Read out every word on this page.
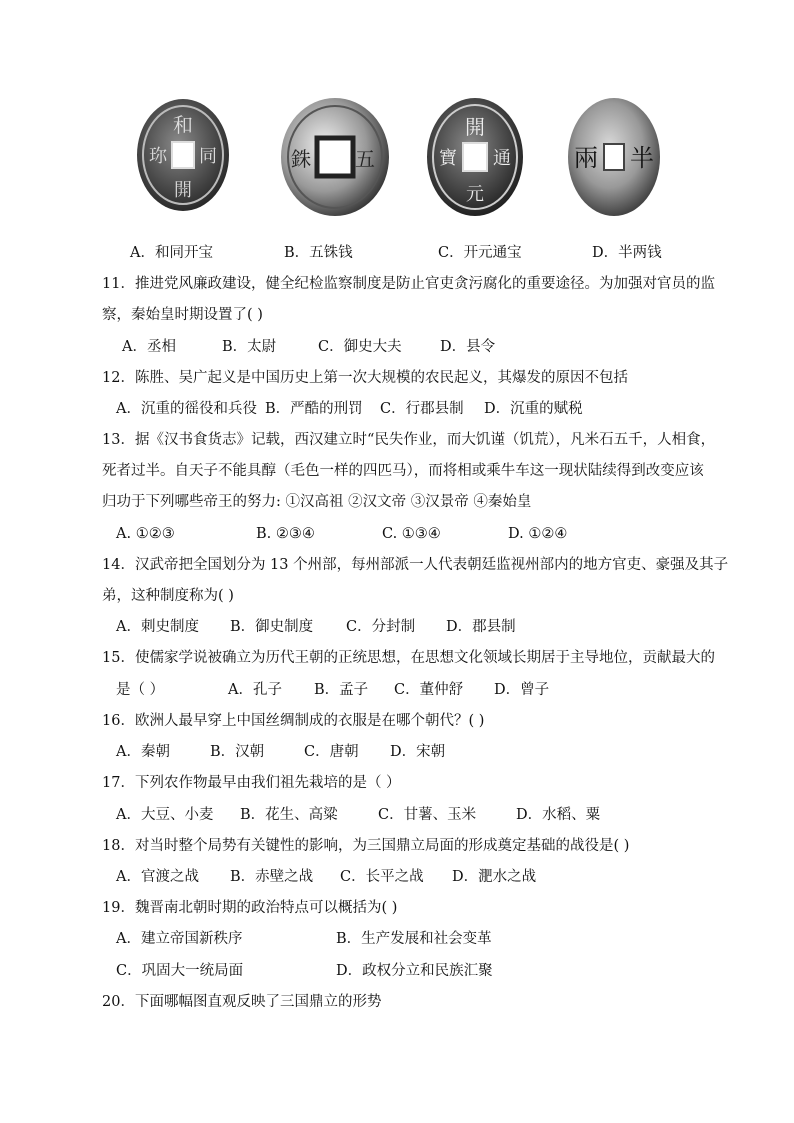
和
同
開
珎	五
銖
開
元
通
寶	半
兩
A．和同开宝	B．五铢钱	C．开元通宝	D．半两钱
11．推进党风廉政建设，健全纪检监察制度是防止官吏贪污腐化的重要途径。为加强对官员的监
察，秦始皇时期设置了( )
A．丞相	B．太尉	C．御史大夫	D．县令
12．陈胜、吴广起义是中国历史上第一次大规模的农民起义，其爆发的原因不包括
A．沉重的徭役和兵役 B．严酷的刑罚 C．行郡县制 D．沉重的赋税
13．据《汉书食货志》记载，西汉建立时“民失作业，而大饥谨（饥荒），凡米石五千，人相食，
死者过半。自天子不能具醇（毛色一样的四匹马），而将相或乘牛车这一现状陆续得到改变应该
归功于下列哪些帝王的努力: ①汉高祖 ②汉文帝 ③汉景帝 ④秦始皇
A. ①②③	B. ②③④	C. ①③④	D. ①②④
14．汉武帝把全国划分为 13 个州部，每州部派一人代表朝廷监视州部内的地方官吏、豪强及其子
弟，这种制度称为( )
A．刺史制度 B．御史制度 C．分封制 D．郡县制
15．使儒家学说被确立为历代王朝的正统思想，在思想文化领域长期居于主导地位，贡献最大的
是（ ）	A．孔子 B．孟子 C．董仲舒 D．曾子
16．欧洲人最早穿上中国丝绸制成的衣服是在哪个朝代？( )
A．秦朝	B．汉朝	C．唐朝 D．宋朝
17．下列农作物最早由我们祖先栽培的是（ ）
A．大豆、小麦 B．花生、高粱	C．甘薯、玉米	D．水稻、粟
18．对当时整个局势有关键性的影响，为三国鼎立局面的形成奠定基础的战役是( )
A．官渡之战 B．赤壁之战 C．长平之战 D．淝水之战
19．魏晋南北朝时期的政治特点可以概括为( )
A．建立帝国新秩序	B．生产发展和社会变革
C．巩固大一统局面	D．政权分立和民族汇聚
20．下面哪幅图直观反映了三国鼎立的形势
